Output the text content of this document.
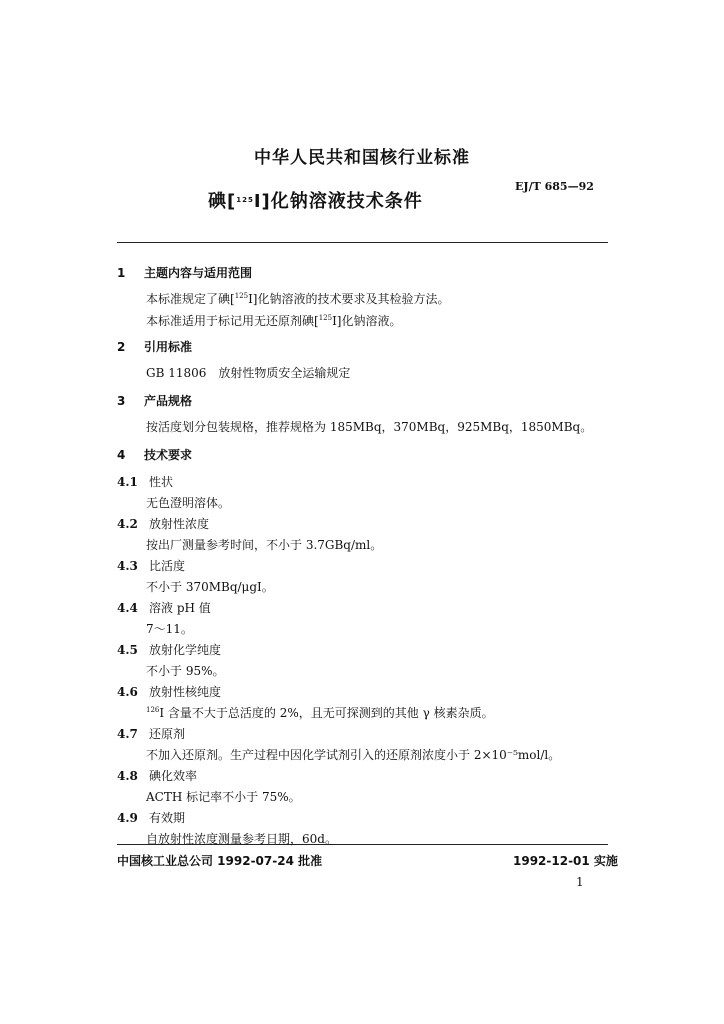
中华人民共和国核行业标准
碘[$^{125}$I]化钠溶液技术条件
EJ/T 685—92
1 主题内容与适用范围
本标准规定了碘[$^{125}$I]化钠溶液的技术要求及其检验方法。
本标准适用于标记用无还原剂碘[$^{125}$I]化钠溶液。
2 引用标准
GB 11806　放射性物质安全运输规定
3 产品规格
按活度划分包装规格，推荐规格为 185MBq，370MBq，925MBq，1850MBq。
4 技术要求
4.1 性状
无色澄明溶体。
4.2 放射性浓度
按出厂测量参考时间，不小于 3.7GBq/ml。
4.3 比活度
不小于 370MBq/μgI。
4.4 溶液 pH 值
7～11。
4.5 放射化学纯度
不小于 95%。
4.6 放射性核纯度
$^{126}$I 含量不大于总活度的 2%，且无可探测到的其他 γ 核素杂质。
4.7 还原剂
不加入还原剂。生产过程中因化学试剂引入的还原剂浓度小于 2×10⁻⁵mol/l。
4.8 碘化效率
ACTH 标记率不小于 75%。
4.9 有效期
自放射性浓度测量参考日期，60d。
中国核工业总公司 1992-07-24 批准	1992-12-01 实施
1
